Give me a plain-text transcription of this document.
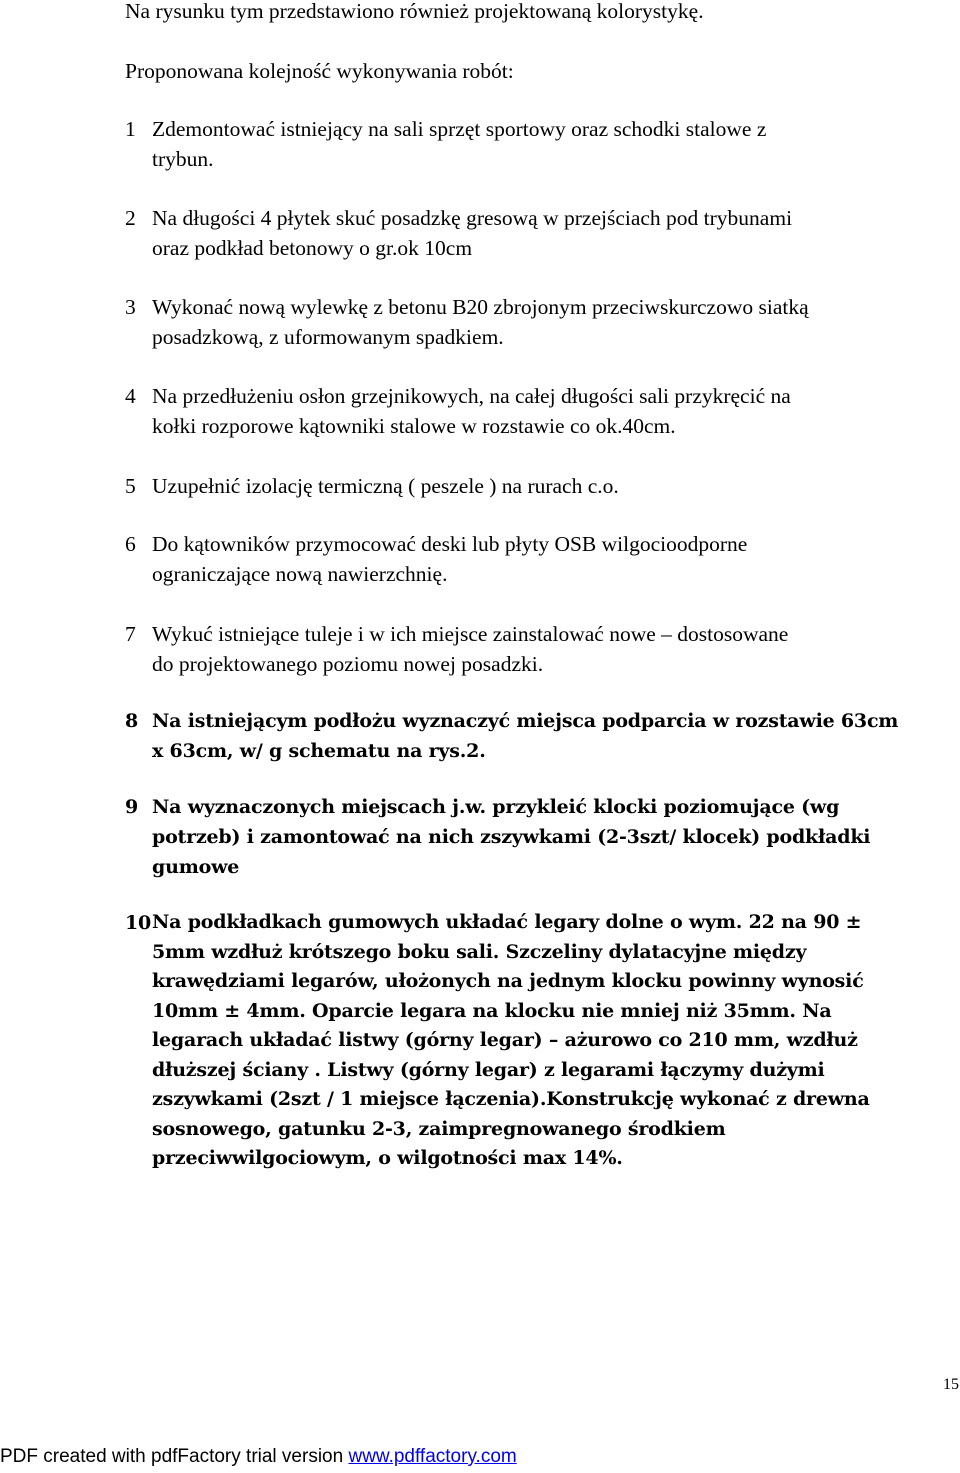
Na rysunku tym przedstawiono również projektowaną kolorystykę.
Proponowana kolejność wykonywania robót:
1 Zdemontować istniejący na sali sprzęt sportowy oraz schodki stalowe z
trybun.
2 Na długości 4 płytek skuć posadzkę gresową w przejściach pod trybunami
oraz podkład betonowy o gr.ok 10cm
3 Wykonać nową wylewkę z betonu B20 zbrojonym przeciwskurczowo siatką
posadzkową, z uformowanym spadkiem.
4 Na przedłużeniu osłon grzejnikowych, na całej długości sali przykręcić na
kołki rozporowe kątowniki stalowe w rozstawie co ok.40cm.
5 Uzupełnić izolację termiczną ( peszele ) na rurach c.o.
6 Do kątowników przymocować deski lub płyty OSB wilgocioodporne
ograniczające nową nawierzchnię.
7 Wykuć istniejące tuleje i w ich miejsce zainstalować nowe – dostosowane
do projektowanego poziomu nowej posadzki.
8 Na istniejącym podłożu wyznaczyć miejsca podparcia w rozstawie 63cm
x 63cm, w/ g schematu na rys.2.
9 Na wyznaczonych miejscach j.w. przykleić klocki poziomujące (wg
potrzeb) i zamontować na nich zszywkami (2-3szt/ klocek) podkładki
gumowe
10 Na podkładkach gumowych układać legary dolne o wym. 22 na 90 ±
5mm wzdłuż krótszego boku sali. Szczeliny dylatacyjne między
krawędziami legarów, ułożonych na jednym klocku powinny wynosić
10mm ± 4mm. Oparcie legara na klocku nie mniej niż 35mm. Na
legarach układać listwy (górny legar) – ażurowo co 210 mm, wzdłuż
dłuższej ściany . Listwy (górny legar) z legarami łączymy dużymi
zszywkami (2szt / 1 miejsce łączenia).Konstrukcję wykonać z drewna
sosnowego, gatunku 2-3, zaimpregnowanego środkiem
przeciwwilgociowym, o wilgotności max 14%.
15
PDF created with pdfFactory trial version www.pdffactory.com
